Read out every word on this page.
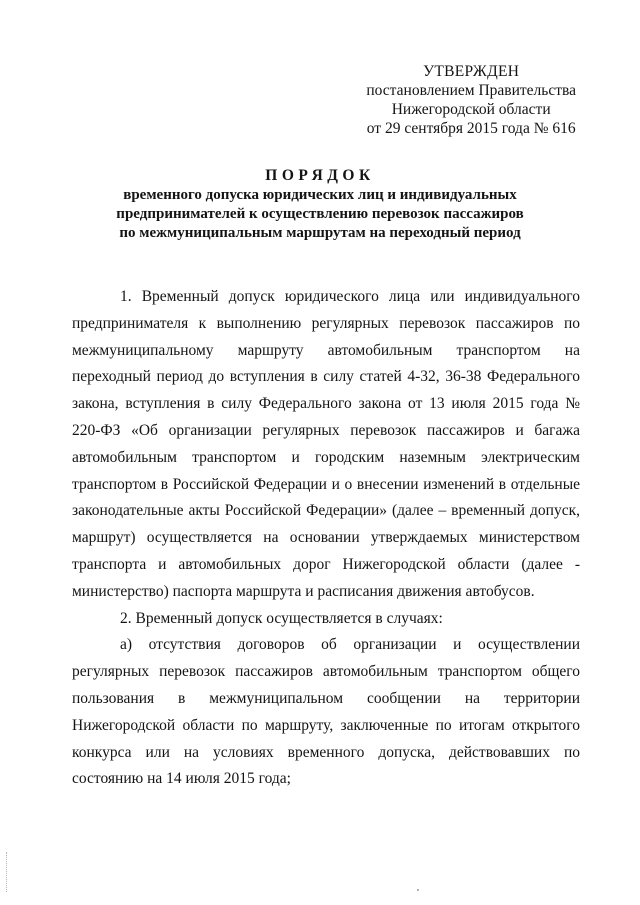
УТВЕРЖДЕН
постановлением Правительства
Нижегородской области
от 29 сентября 2015 года № 616
ПОРЯДОК
временного допуска юридических лиц и индивидуальных
предпринимателей к осуществлению перевозок пассажиров
по межмуниципальным маршрутам на переходный период

1. Временный допуск юридического лица или индивидуального предпринимателя к выполнению регулярных перевозок пассажиров по межмуниципальному маршруту автомобильным транспортом на переходный период до вступления в силу статей 4-32, 36-38 Федерального закона, вступления в силу Федерального закона от 13 июля 2015 года № 220-ФЗ «Об организации регулярных перевозок пассажиров и багажа автомобильным транспортом и городским наземным электрическим транспортом в Российской Федерации и о внесении изменений в отдельные законодательные акты Российской Федерации» (далее – временный допуск, маршрут) осуществляется на основании утверждаемых министерством транспорта и автомобильных дорог Нижегородской области (далее - министерство) паспорта маршрута и расписания движения автобусов.

2. Временный допуск осуществляется в случаях:

а) отсутствия договоров об организации и осуществлении регулярных перевозок пассажиров автомобильным транспортом общего пользования в межмуниципальном сообщении на территории Нижегородской области по маршруту, заключенные по итогам открытого конкурса или на условиях временного допуска, действовавших по состоянию на 14 июля 2015 года;
